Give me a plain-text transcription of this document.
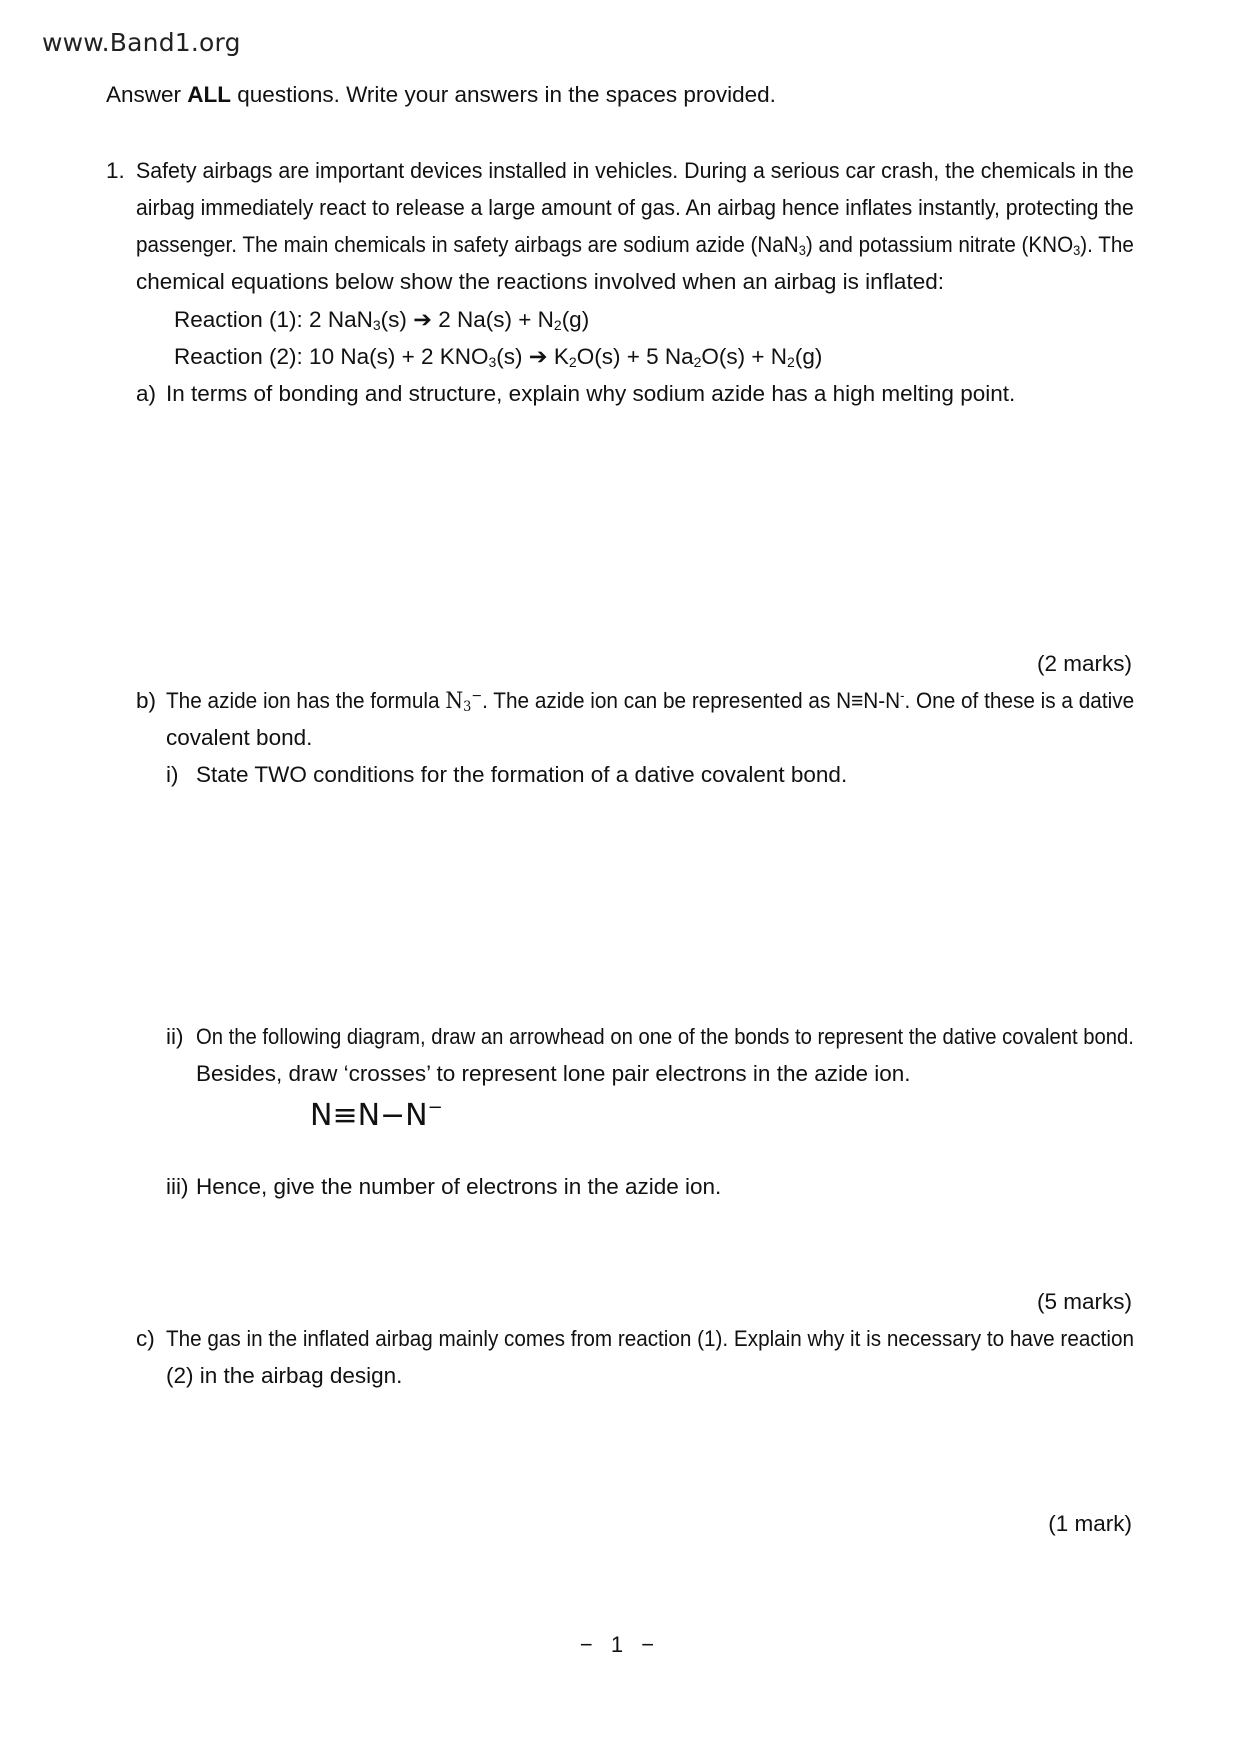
www.Band1.org
Answer ALL questions. Write your answers in the spaces provided.
1. Safety airbags are important devices installed in vehicles. During a serious car crash, the chemicals in the
airbag immediately react to release a large amount of gas. An airbag hence inflates instantly, protecting the
passenger. The main chemicals in safety airbags are sodium azide (NaN$_3$) and potassium nitrate $(KNO_3)$. The
chemical equations below show the reactions involved when an airbag is inflated:
Reaction (1): 2 NaN$_3$(s) ➔ 2 $Na(s) + N_2(g)$
Reaction (2): 10 Na(s) + 2 $KNO_3(s)$ ➔ $K_2O(s) + 5$ $Na_2O(s) + N_2(g)$
a) In terms of bonding and structure, explain why sodium azide has a high melting point.
(2 marks)
b) The azide ion has the formula $N_3^-$. The azide ion can be represented as N≡N-N-. One of these is a dative
covalent bond.
i) State TWO conditions for the formation of a dative covalent bond.
ii) On the following diagram, draw an arrowhead on one of the bonds to represent the dative covalent bond.
Besides, draw ‘crosses’ to represent lone pair electrons in the azide ion.
N≡N−N−
iii) Hence, give the number of electrons in the azide ion.
(5 marks)
c) The gas in the inflated airbag mainly comes from reaction (1). Explain why it is necessary to have reaction
(2) in the airbag design.
(1 mark)
− 1 −
